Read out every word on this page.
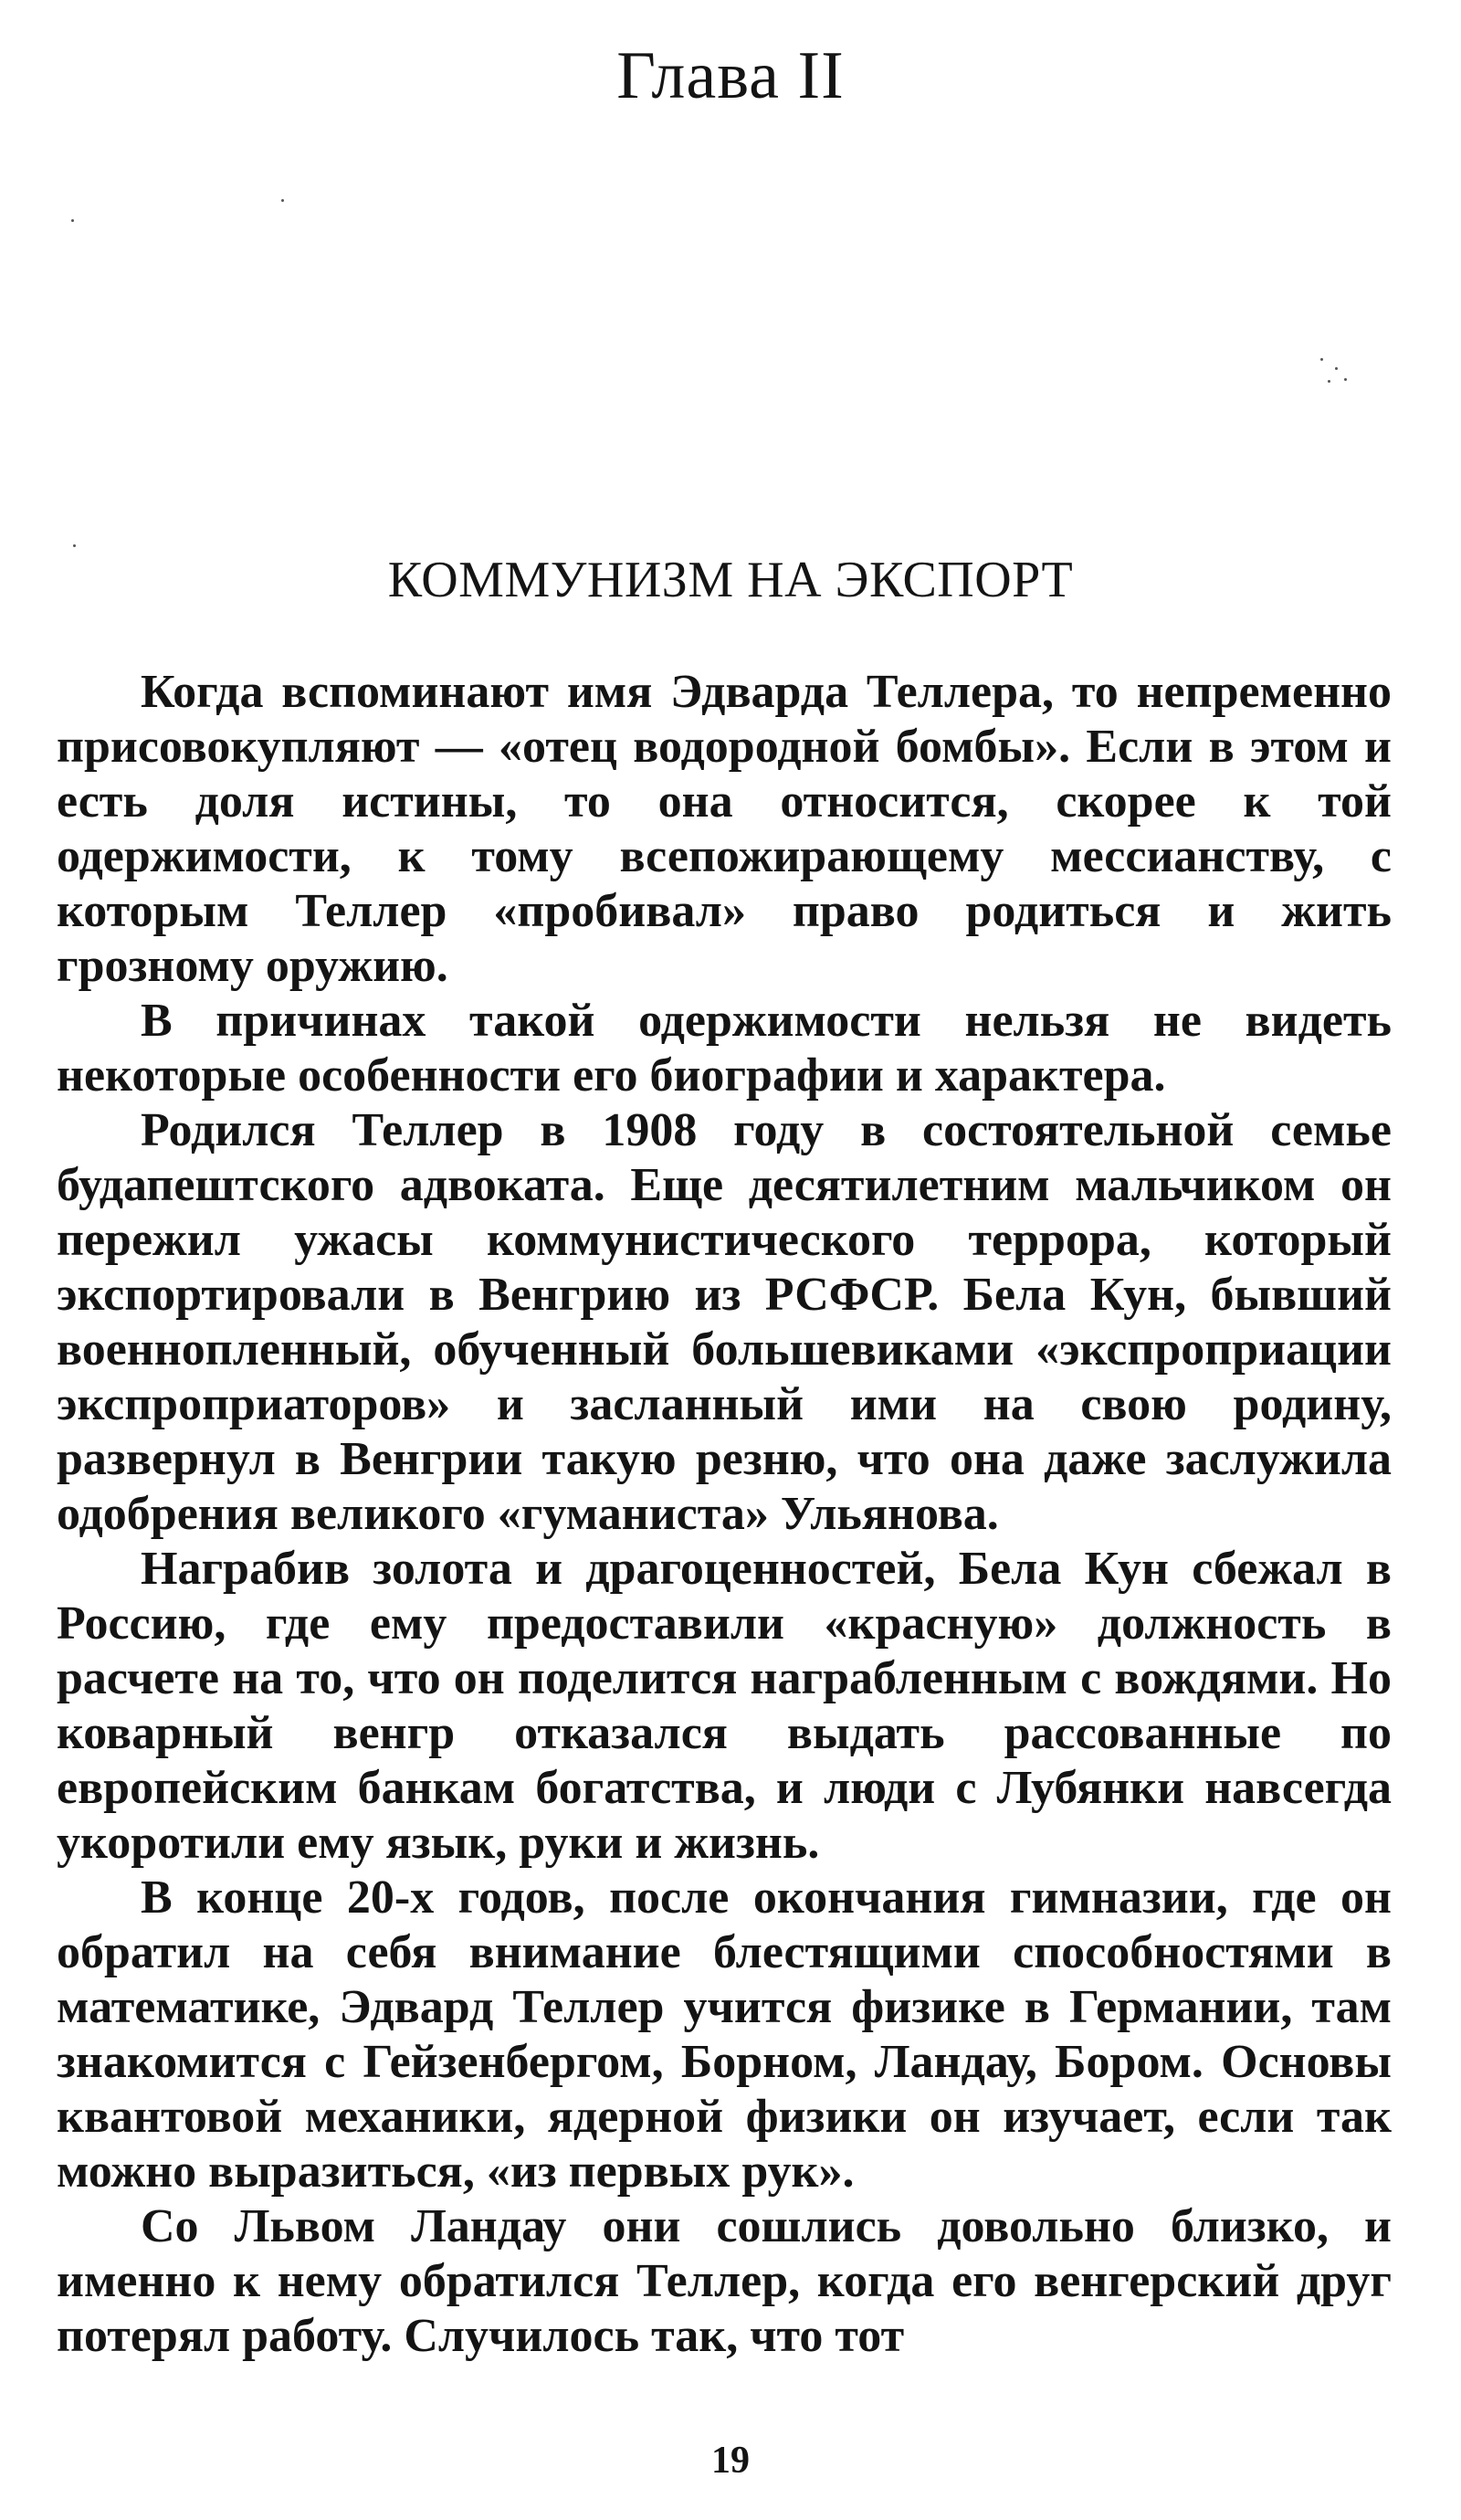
Глава II
КОММУНИЗМ НА ЭКСПОРТ

Когда вспоминают имя Эдварда Теллера, то непременно присовокупляют — «отец водородной бомбы». Если в этом и есть доля истины, то она относится, скорее к той одержимости, к тому всепожирающему мессианству, с которым Теллер «пробивал» право родиться и жить грозному оружию.

В причинах такой одержимости нельзя не видеть некоторые особенности его биографии и характера.

Родился Теллер в 1908 году в состоятельной семье будапештского адвоката. Еще десятилетним мальчиком он пережил ужасы коммунистического террора, который экспортировали в Венгрию из РСФСР. Бела Кун, бывший военнопленный, обученный большевиками «экспроприации экспроприаторов» и засланный ими на свою родину, развернул в Венгрии такую резню, что она даже заслужила одобрения великого «гуманиста» Ульянова.

Награбив золота и драгоценностей, Бела Кун сбежал в Россию, где ему предоставили «красную» должность в расчете на то, что он поделится награбленным с вождями. Но коварный венгр отказался выдать рассованные по европейским банкам богатства, и люди с Лубянки навсегда укоротили ему язык, руки и жизнь.

В конце 20-х годов, после окончания гимназии, где он обратил на себя внимание блестящими способностями в математике, Эдвард Теллер учится физике в Германии, там знакомится с Гейзенбергом, Борном, Ландау, Бором. Основы квантовой механики, ядерной физики он изучает, если так можно выразиться, «из первых рук».

Со Львом Ландау они сошлись довольно близко, и именно к нему обратился Теллер, когда его венгерский друг потерял работу. Случилось так, что тот

19
